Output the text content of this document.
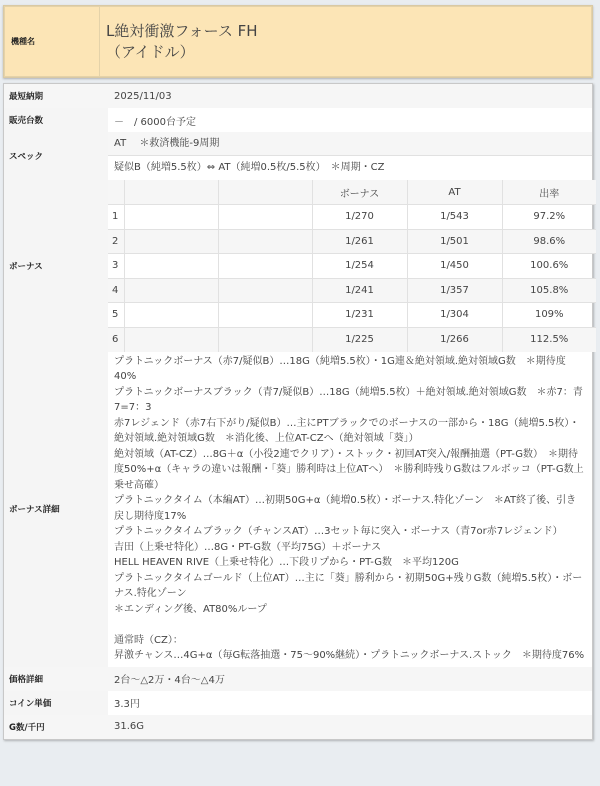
機種名	
L絶対衝激フォース FH
（アイドル）
最短納期	2025/11/03
販売台数	－　/ 6000台予定
スペック	
AT　 ＊救済機能-9周期
疑似B（純増5.5枚）⇔ AT（純増0.5枚/5.5枚）　＊周期・CZ

ボーナス	
			ボーナス	AT	出率
1			1/270	1/543	97.2%
2			1/261	1/501	98.6%
3			1/254	1/450	100.6%
4			1/241	1/357	105.8%
5			1/231	1/304	109%
6			1/225	1/266	112.5%

ボーナス詳細	

プラトニックボーナス（赤7/疑似B）…18G（純増5.5枚）・1G連＆絶対領域.絶対領域G数　＊期待度40%

プラトニックボーナスブラック（青7/疑似B）…18G（純増5.5枚）＋絶対領域.絶対領域G数　＊赤7：青7=7：3

赤7レジェンド（赤7右下がり/疑似B）…主にPTブラックでのボーナスの一部から・18G（純増5.5枚）・絶対領域.絶対領域G数　＊消化後、上位AT-CZへ（絶対領域「葵」）

絶対領域（AT-CZ）…8G＋α（小役2連でクリア）・ストック・初回AT突入/報酬抽選（PT-G数）　＊期待度50%+α（キャラの違いは報酬・「葵」勝利時は上位ATへ）　＊勝利時残りG数はフルボッコ（PT-G数上乗せ高確）

プラトニックタイム（本編AT）…初期50G+α（純増0.5枚）・ボーナス.特化ゾーン　＊AT終了後、引き戻し期待度17%

プラトニックタイムブラック（チャンスAT）…3セット毎に突入・ボーナス（青7or赤7レジェンド）

吉田（上乗せ特化）…8G・PT-G数（平均75G）＋ボーナス

HELL HEAVEN RIVE（上乗せ特化）…下段リプから・PT-G数　＊平均120G

プラトニックタイムゴールド（上位AT）…主に「葵」勝利から・初期50G+残りG数（純増5.5枚）・ボーナス.特化ゾーン

＊エンディング後、AT80%ループ

通常時（CZ）：

昇激チャンス…4G+α（毎G転落抽選・75～90%継続）・プラトニックボーナス.ストック　＊期待度76%

価格詳細	2台～△2万・4台～△4万
コイン単価	3.3円
G数/千円	31.6G
